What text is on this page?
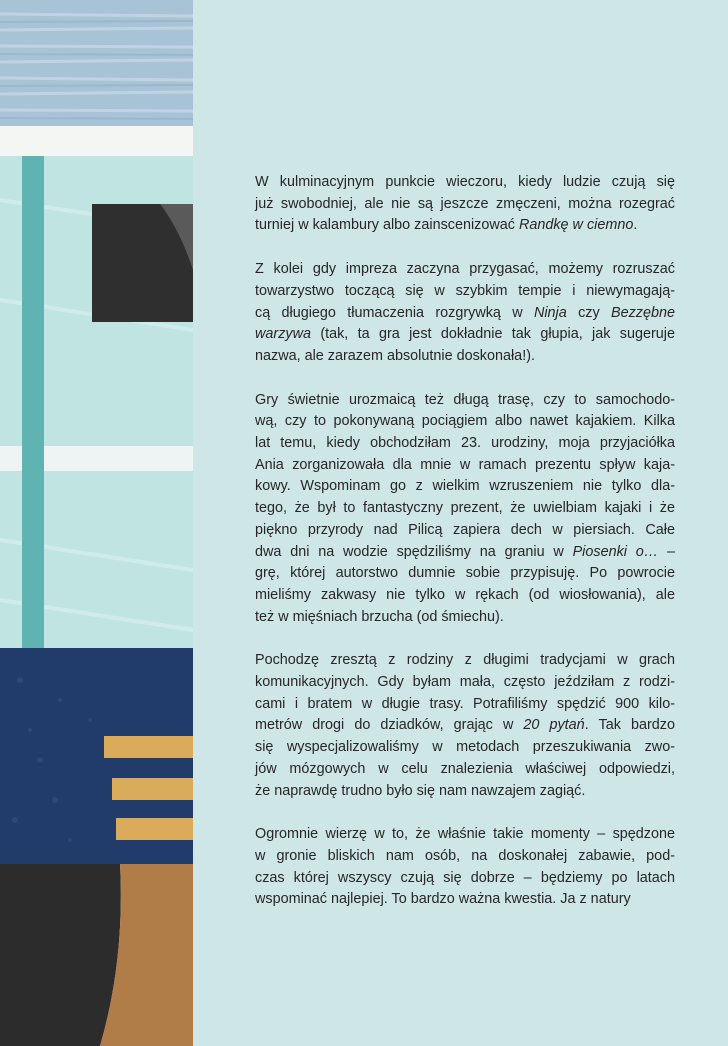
W kulminacyjnym punkcie wieczoru, kiedy ludzie czują się
już swobodniej, ale nie są jeszcze zmęczeni, można rozegrać
turniej w kalambury albo zainscenizować Randkę w ciemno.

Z kolei gdy impreza zaczyna przygasać, możemy rozruszać
towarzystwo toczącą się w szybkim tempie i niewymagają-
cą długiego tłumaczenia rozgrywką w Ninja czy Bezzębne
warzywa (tak, ta gra jest dokładnie tak głupia, jak sugeruje
nazwa, ale zarazem absolutnie doskonała!).

Gry świetnie urozmaicą też długą trasę, czy to samochodo-
wą, czy to pokonywaną pociągiem albo nawet kajakiem. Kilka
lat temu, kiedy obchodziłam 23. urodziny, moja przyjaciółka
Ania zorganizowała dla mnie w ramach prezentu spływ kaja-
kowy. Wspominam go z wielkim wzruszeniem nie tylko dla-
tego, że był to fantastyczny prezent, że uwielbiam kajaki i że
piękno przyrody nad Pilicą zapiera dech w piersiach. Całe
dwa dni na wodzie spędziliśmy na graniu w Piosenki o… –
grę, której autorstwo dumnie sobie przypisuję. Po powrocie
mieliśmy zakwasy nie tylko w rękach (od wiosłowania), ale
też w mięśniach brzucha (od śmiechu).

Pochodzę zresztą z rodziny z długimi tradycjami w grach
komunikacyjnych. Gdy byłam mała, często jeździłam z rodzi-
cami i bratem w długie trasy. Potrafiliśmy spędzić 900 kilo-
metrów drogi do dziadków, grając w 20 pytań. Tak bardzo
się wyspecjalizowaliśmy w metodach przeszukiwania zwo-
jów mózgowych w celu znalezienia właściwej odpowiedzi,
że naprawdę trudno było się nam nawzajem zagiąć.

Ogromnie wierzę w to, że właśnie takie momenty – spędzone
w gronie bliskich nam osób, na doskonałej zabawie, pod-
czas której wszyscy czują się dobrze – będziemy po latach
wspominać najlepiej. To bardzo ważna kwestia. Ja z natury
